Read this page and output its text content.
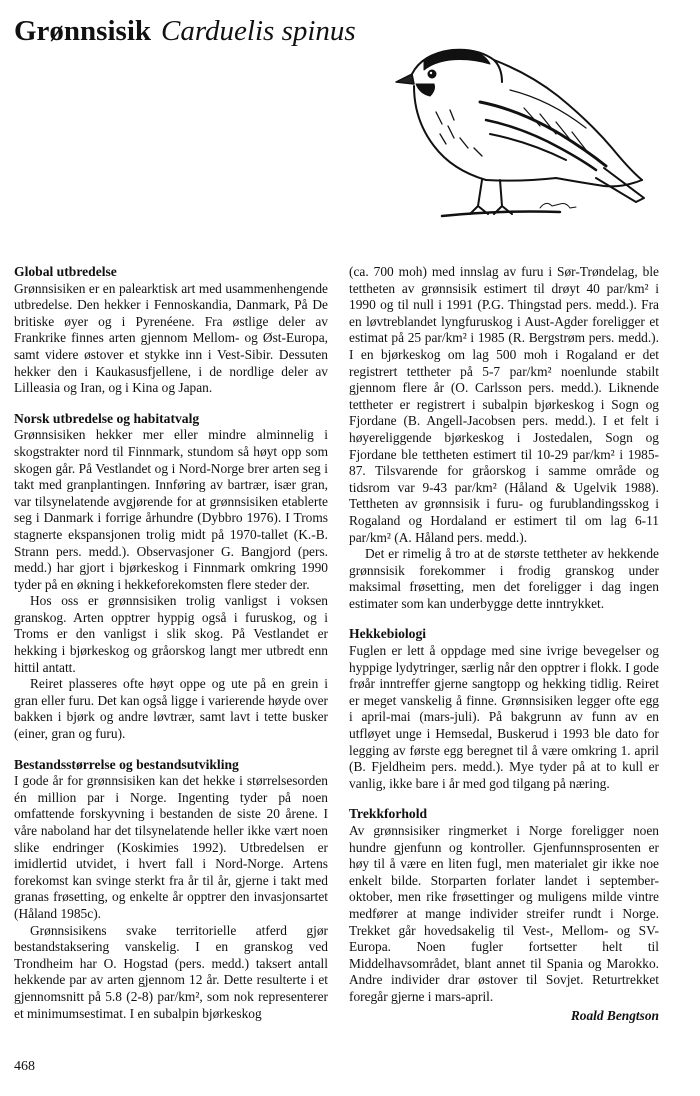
Grønnsisik Carduelis spinus
Global utbredelse

Grønnsisiken er en palearktisk art med usammenhengende utbredelse. Den hekker i Fennoskandia, Danmark, På De britiske øyer og i Pyrenéene. Fra østlige deler av Frankrike finnes arten gjennom Mellom- og Øst-Europa, samt videre østover et stykke inn i Vest-Sibir. Dessuten hekker den i Kaukasusfjellene, i de nordlige deler av Lilleasia og Iran, og i Kina og Japan.

Norsk utbredelse og habitatvalg

Grønnsisiken hekker mer eller mindre alminnelig i skogstrakter nord til Finnmark, stundom så høyt opp som skogen går. På Vestlandet og i Nord-Norge brer arten seg i takt med granplantingen. Innføring av bartrær, især gran, var tilsynelatende avgjørende for at grønnsisiken etablerte seg i Danmark i forrige århundre (Dybbro 1976). I Troms stagnerte ekspansjonen trolig midt på 1970-tallet (K.-B. Strann pers. medd.). Observasjoner G. Bangjord (pers. medd.) har gjort i bjørkeskog i Finnmark omkring 1990 tyder på en økning i hekkeforekomsten flere steder der.

Hos oss er grønnsisiken trolig vanligst i voksen granskog. Arten opptrer hyppig også i furuskog, og i Troms er den vanligst i slik skog. På Vestlandet er hekking i bjørkeskog og gråorskog langt mer utbredt enn hittil antatt.

Reiret plasseres ofte høyt oppe og ute på en grein i gran eller furu. Det kan også ligge i varierende høyde over bakken i bjørk og andre løvtrær, samt lavt i tette busker (einer, gran og furu).

Bestandsstørrelse og bestandsutvikling

I gode år for grønnsisiken kan det hekke i størrelsesorden én million par i Norge. Ingenting tyder på noen omfattende forskyvning i bestanden de siste 20 årene. I våre naboland har det tilsynelatende heller ikke vært noen slike endringer (Koskimies 1992). Utbredelsen er imidlertid utvidet, i hvert fall i Nord-Norge. Artens forekomst kan svinge sterkt fra år til år, gjerne i takt med granas frøsetting, og enkelte år opptrer den invasjonsartet (Håland 1985c).

Grønnsisikens svake territorielle atferd gjør bestandstaksering vanskelig. I en granskog ved Trondheim har O. Hogstad (pers. medd.) taksert antall hekkende par av arten gjennom 12 år. Dette resulterte i et gjennomsnitt på 5.8 (2-8) par/km², som nok representerer et minimumsestimat. I en subalpin bjørkeskog

(ca. 700 moh) med innslag av furu i Sør-Trøndelag, ble tettheten av grønnsisik estimert til drøyt 40 par/km² i 1990 og til null i 1991 (P.G. Thingstad pers. medd.). Fra en løvtreblandet lyngfuruskog i Aust-Agder foreligger et estimat på 25 par/km² i 1985 (R. Bergstrøm pers. medd.). I en bjørkeskog om lag 500 moh i Rogaland er det registrert tettheter på 5-7 par/km² noenlunde stabilt gjennom flere år (O. Carlsson pers. medd.). Liknende tettheter er registrert i subalpin bjørkeskog i Sogn og Fjordane (B. Angell-Jacobsen pers. medd.). I et felt i høyereliggende bjørkeskog i Jostedalen, Sogn og Fjordane ble tettheten estimert til 10-29 par/km² i 1985-87. Tilsvarende for gråorskog i samme område og tidsrom var 9-43 par/km² (Håland & Ugelvik 1988). Tettheten av grønnsisik i furu- og furublandingsskog i Rogaland og Hordaland er estimert til om lag 6-11 par/km² (A. Håland pers. medd.).

Det er rimelig å tro at de største tettheter av hekkende grønnsisik forekommer i frodig granskog under maksimal frøsetting, men det foreligger i dag ingen estimater som kan underbygge dette inntrykket.

Hekkebiologi

Fuglen er lett å oppdage med sine ivrige bevegelser og hyppige lydytringer, særlig når den opptrer i flokk. I gode frøår inntreffer gjerne sangtopp og hekking tidlig. Reiret er meget vanskelig å finne. Grønnsisiken legger ofte egg i april-mai (mars-juli). På bakgrunn av funn av en utfløyet unge i Hemsedal, Buskerud i 1993 ble dato for legging av første egg beregnet til å være omkring 1. april (B. Fjeldheim pers. medd.). Mye tyder på at to kull er vanlig, ikke bare i år med god tilgang på næring.

Trekkforhold

Av grønnsisiker ringmerket i Norge foreligger noen hundre gjenfunn og kontroller. Gjenfunnsprosenten er høy til å være en liten fugl, men materialet gir ikke noe enkelt bilde. Storparten forlater landet i september-oktober, men rike frøsettinger og muligens milde vintre medfører at mange individer streifer rundt i Norge. Trekket går hovedsakelig til Vest-, Mellom- og SV-Europa. Noen fugler fortsetter helt til Middelhavsområdet, blant annet til Spania og Marokko. Andre individer drar østover til Sovjet. Returtrekket foregår gjerne i mars-april.

Roald Bengtson
468
